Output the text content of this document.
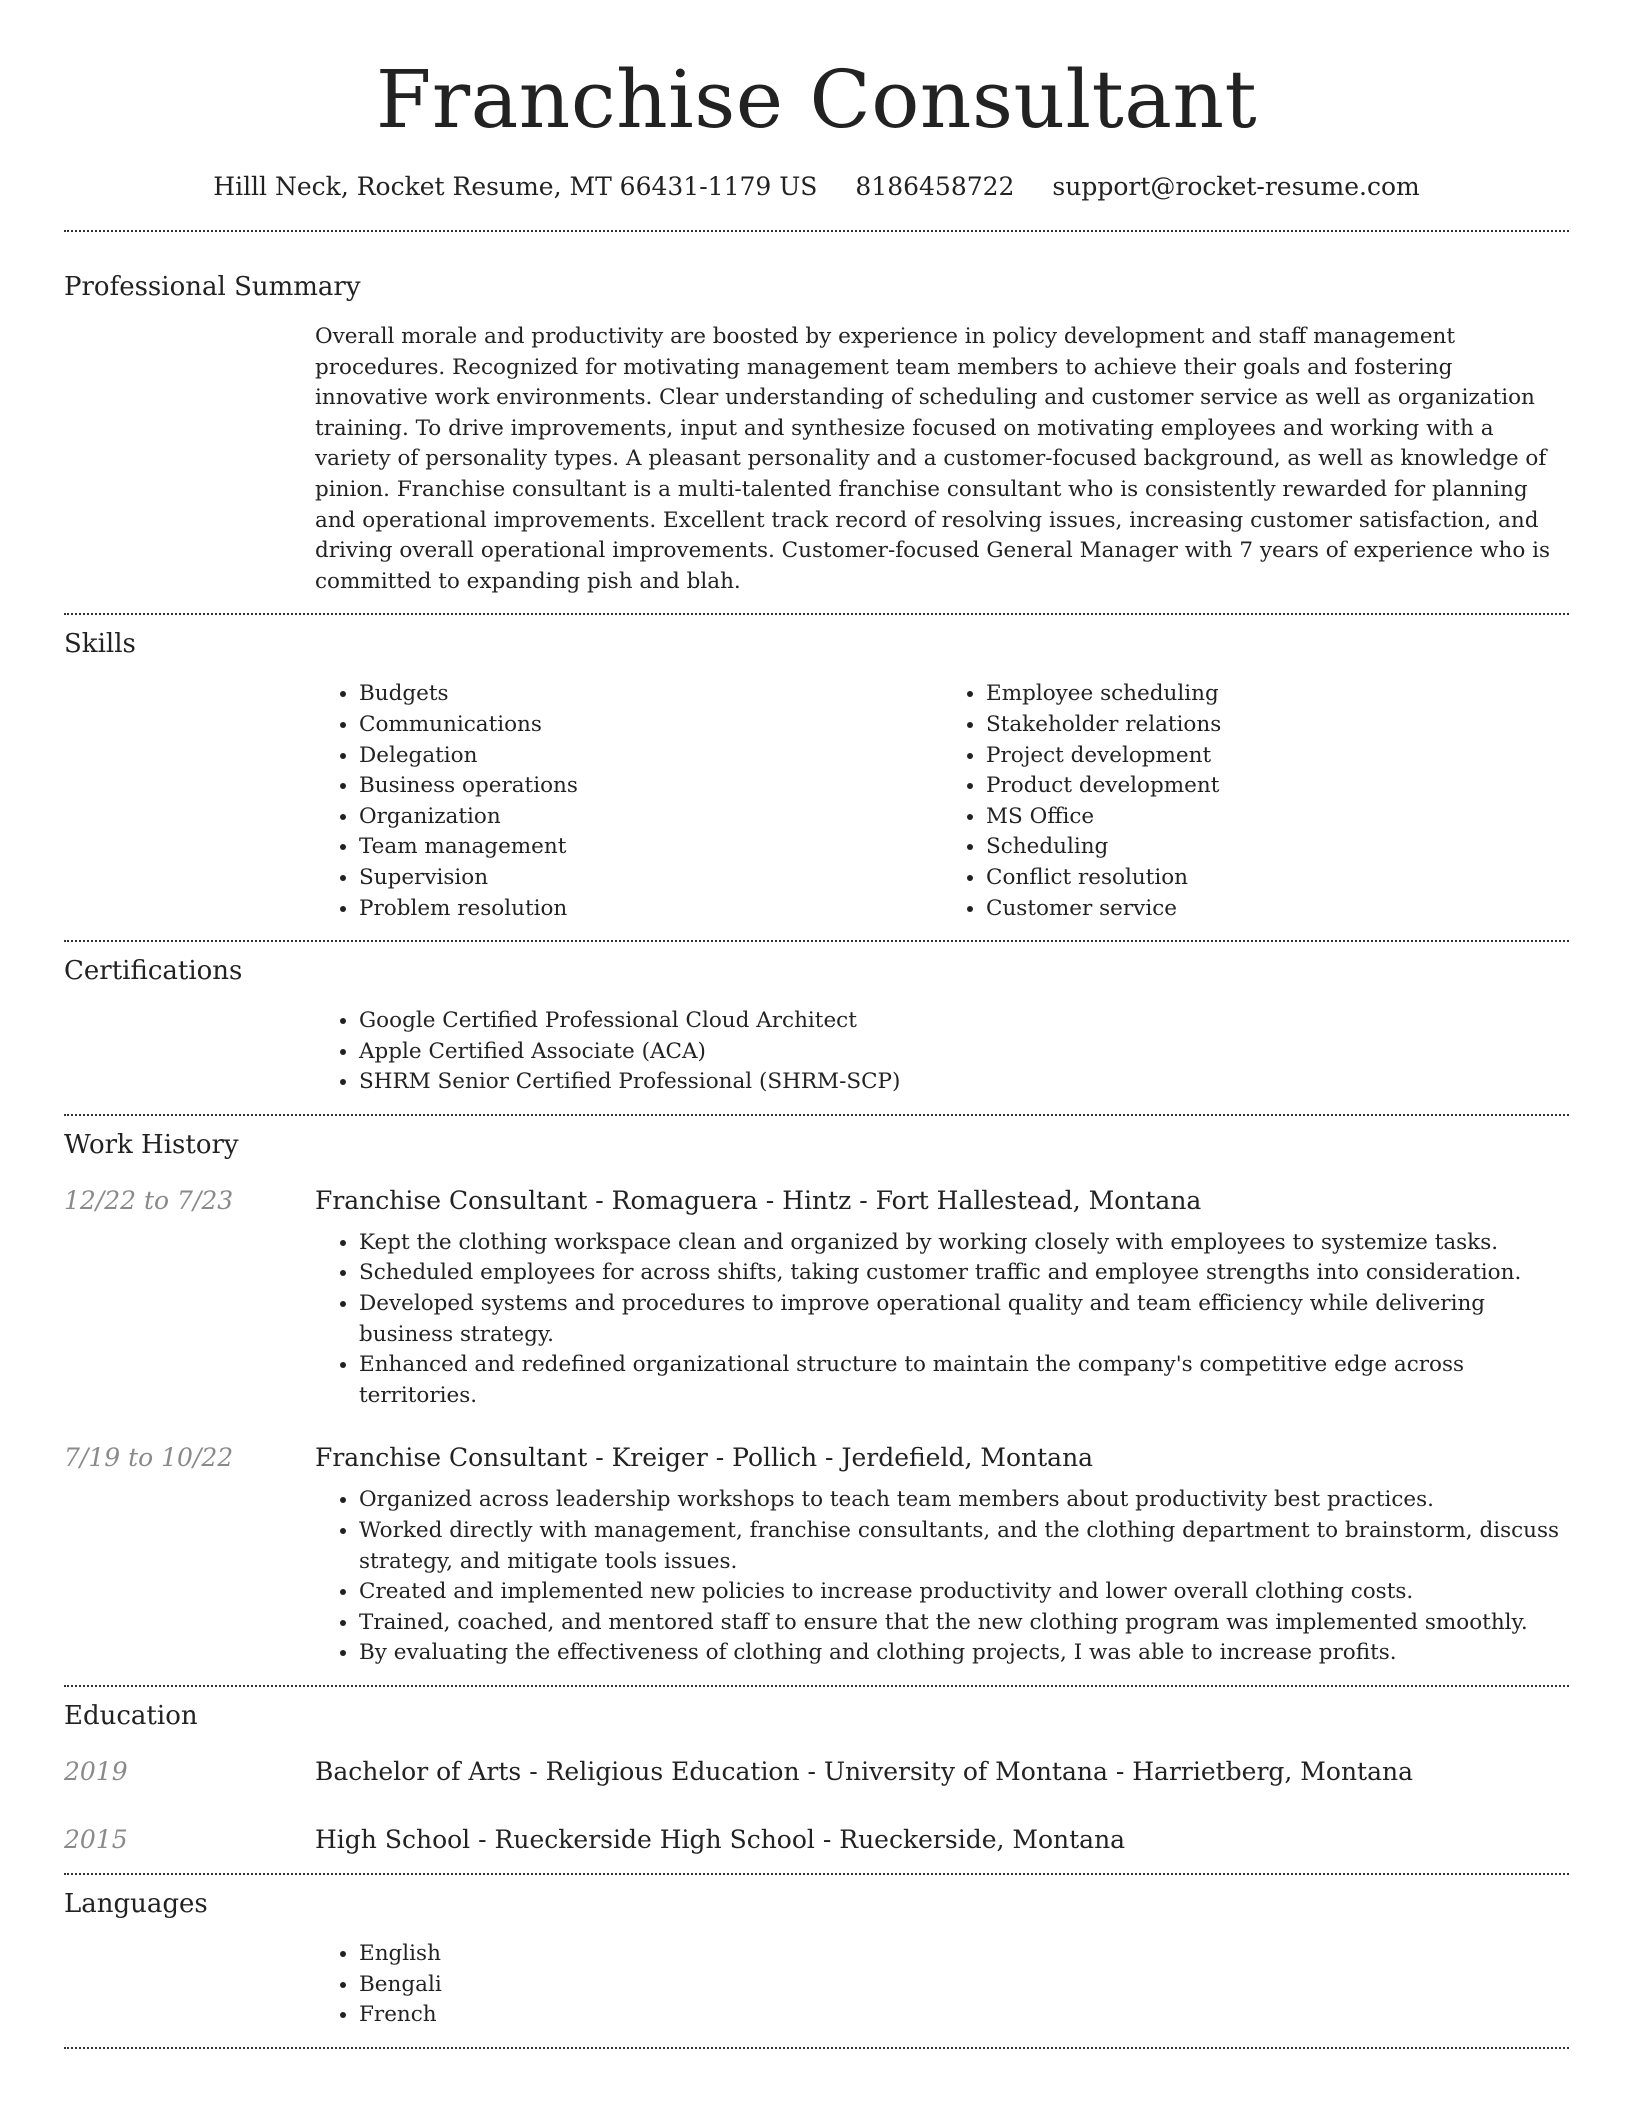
Franchise Consultant
Hilll Neck, Rocket Resume, MT 66431-1179 US 8186458722 support@rocket-resume.com
Professional Summary
Overall morale and productivity are boosted by experience in policy development and staff management procedures. Recognized for motivating management team members to achieve their goals and fostering innovative work environments. Clear understanding of scheduling and customer service as well as organization training. To drive improvements, input and synthesize focused on motivating employees and working with a variety of personality types. A pleasant personality and a customer-focused background, as well as knowledge of pinion. Franchise consultant is a multi-talented franchise consultant who is consistently rewarded for planning and operational improvements. Excellent track record of resolving issues, increasing customer satisfaction, and driving overall operational improvements. Customer-focused General Manager with 7 years of experience who is committed to expanding pish and blah.
Skills
• Budgets
• Communications
• Delegation
• Business operations
• Organization
• Team management
• Supervision
• Problem resolution
• Employee scheduling
• Stakeholder relations
• Project development
• Product development
• MS Office
• Scheduling
• Conflict resolution
• Customer service
Certifications
• Google Certified Professional Cloud Architect
• Apple Certified Associate (ACA)
• SHRM Senior Certified Professional (SHRM-SCP)
Work History
12/22 to 7/23	Franchise Consultant - Romaguera - Hintz - Fort Hallestead, Montana
• Kept the clothing workspace clean and organized by working closely with employees to systemize tasks.
• Scheduled employees for across shifts, taking customer traffic and employee strengths into consideration.
• Developed systems and procedures to improve operational quality and team efficiency while delivering business strategy.
• Enhanced and redefined organizational structure to maintain the company's competitive edge across territories.
7/19 to 10/22	Franchise Consultant - Kreiger - Pollich - Jerdefield, Montana
• Organized across leadership workshops to teach team members about productivity best practices.
• Worked directly with management, franchise consultants, and the clothing department to brainstorm, discuss strategy, and mitigate tools issues.
• Created and implemented new policies to increase productivity and lower overall clothing costs.
• Trained, coached, and mentored staff to ensure that the new clothing program was implemented smoothly.
• By evaluating the effectiveness of clothing and clothing projects, I was able to increase profits.
Education
2019	Bachelor of Arts - Religious Education - University of Montana - Harrietberg, Montana
2015	High School - Rueckerside High School - Rueckerside, Montana
Languages
• English
• Bengali
• French
